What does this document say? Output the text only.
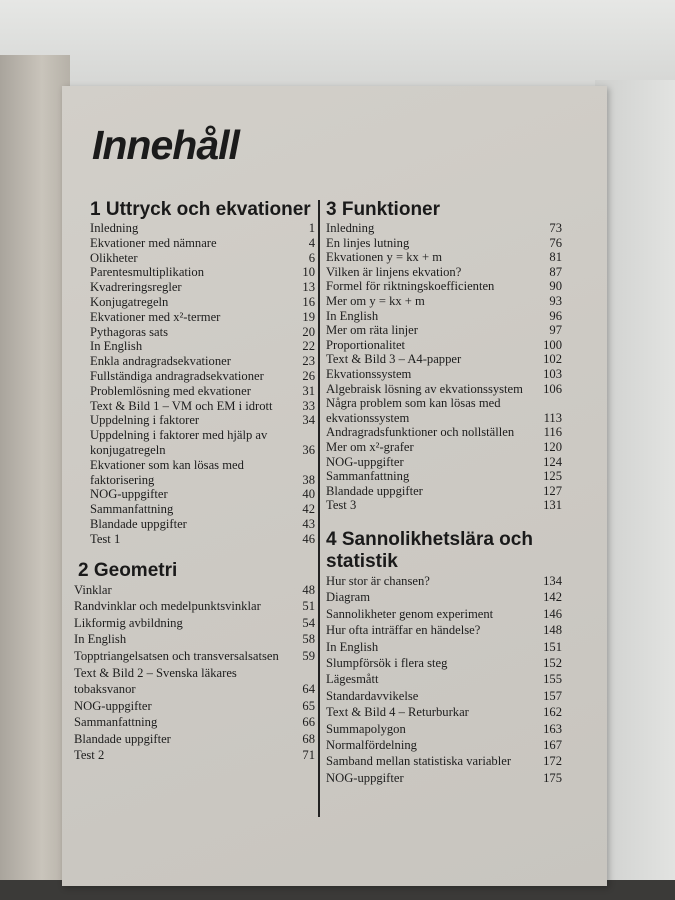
Innehåll
1 Uttryck och ekvationer
Inledning	1
Ekvationer med nämnare	4
Olikheter	6
Parentesmultiplikation	10
Kvadreringsregler	13
Konjugatregeln	16
Ekvationer med x²-termer	19
Pythagoras sats	20
In English	22
Enkla andragradsekvationer	23
Fullständiga andragradsekvationer	26
Problemlösning med ekvationer	31
Text & Bild 1 – VM och EM i idrott	33
Uppdelning i faktorer	34
Uppdelning i faktorer med hjälp av konjugatregeln	36
Ekvationer som kan lösas med faktorisering	38
NOG-uppgifter	40
Sammanfattning	42
Blandade uppgifter	43
Test 1	46
2 Geometri
Vinklar	48
Randvinklar och medelpunktsvinklar	51
Likformig avbildning	54
In English	58
Topptriangelsatsen och transversalsatsen	59
Text & Bild 2 – Svenska läkares tobaksvanor	64
NOG-uppgifter	65
Sammanfattning	66
Blandade uppgifter	68
Test 2	71
3 Funktioner
Inledning	73
En linjes lutning	76
Ekvationen y = kx + m	81
Vilken är linjens ekvation?	87
Formel för riktningskoefficienten	90
Mer om y = kx + m	93
In English	96
Mer om räta linjer	97
Proportionalitet	100
Text & Bild 3 – A4-papper	102
Ekvationssystem	103
Algebraisk lösning av ekvationssystem	106
Några problem som kan lösas med ekvationssystem	113
Andragradsfunktioner och nollställen	116
Mer om x²-grafer	120
NOG-uppgifter	124
Sammanfattning	125
Blandade uppgifter	127
Test 3	131
4 Sannolikhetslära och statistik
Hur stor är chansen?	134
Diagram	142
Sannolikheter genom experiment	146
Hur ofta inträffar en händelse?	148
In English	151
Slumpförsök i flera steg	152
Lägesmått	155
Standardavvikelse	157
Text & Bild 4 – Returburkar	162
Summapolygon	163
Normalfördelning	167
Samband mellan statistiska variabler	172
NOG-uppgifter	175
